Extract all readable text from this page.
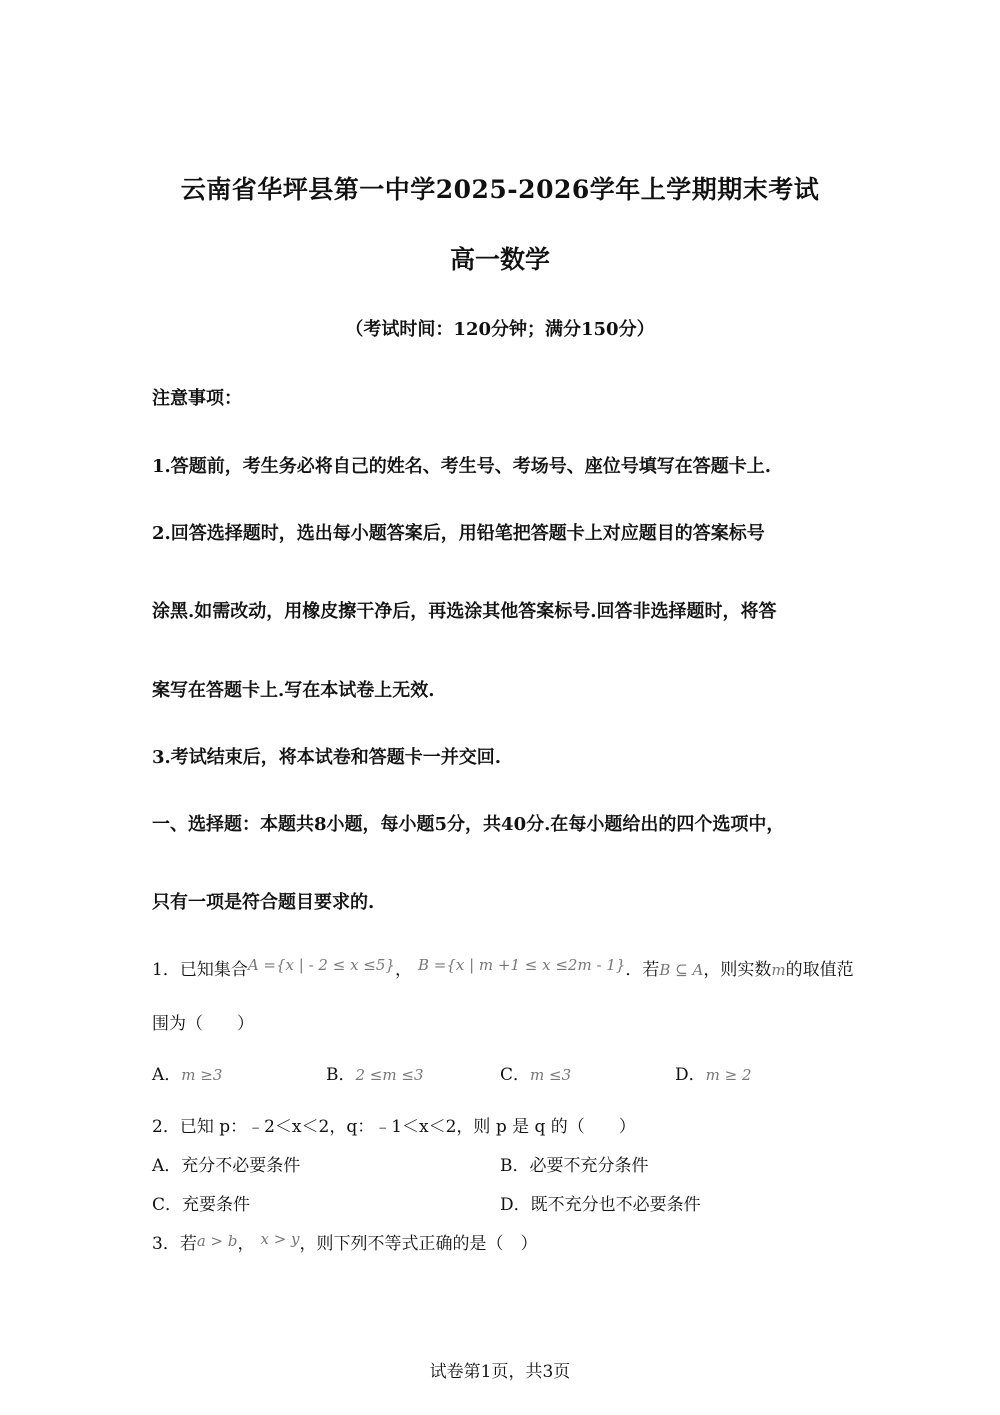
云南省华坪县第一中学2025-2026学年上学期期末考试
高一数学
（考试时间：120分钟；满分150分）
注意事项：
1.答题前，考生务必将自己的姓名、考生号、考场号、座位号填写在答题卡上.
2.回答选择题时，选出每小题答案后，用铅笔把答题卡上对应题目的答案标号
涂黑.如需改动，用橡皮擦干净后，再选涂其他答案标号.回答非选择题时，将答
案写在答题卡上.写在本试卷上无效.
3.考试结束后，将本试卷和答题卡一并交回.
一、选择题：本题共8小题，每小题5分，共40分.在每小题给出的四个选项中，
只有一项是符合题目要求的.
1．已知集合A ={x | - 2 ≤ x ≤5}， B ={x | m +1 ≤ x ≤2m - 1}．若B ⊆ A，则实数m的取值范
围为（　　）
A．m ≥3	B．2 ≤m ≤3	C．m ≤3	D．m ≥ 2
2．已知 p：﹣2＜x＜2，q：﹣1＜x＜2，则 p 是 q 的（　　）
A．充分不必要条件	B．必要不充分条件
C．充要条件	D．既不充分也不必要条件
3．若a > b， x > y，则下列不等式正确的是（　）
试卷第1页，共3页
